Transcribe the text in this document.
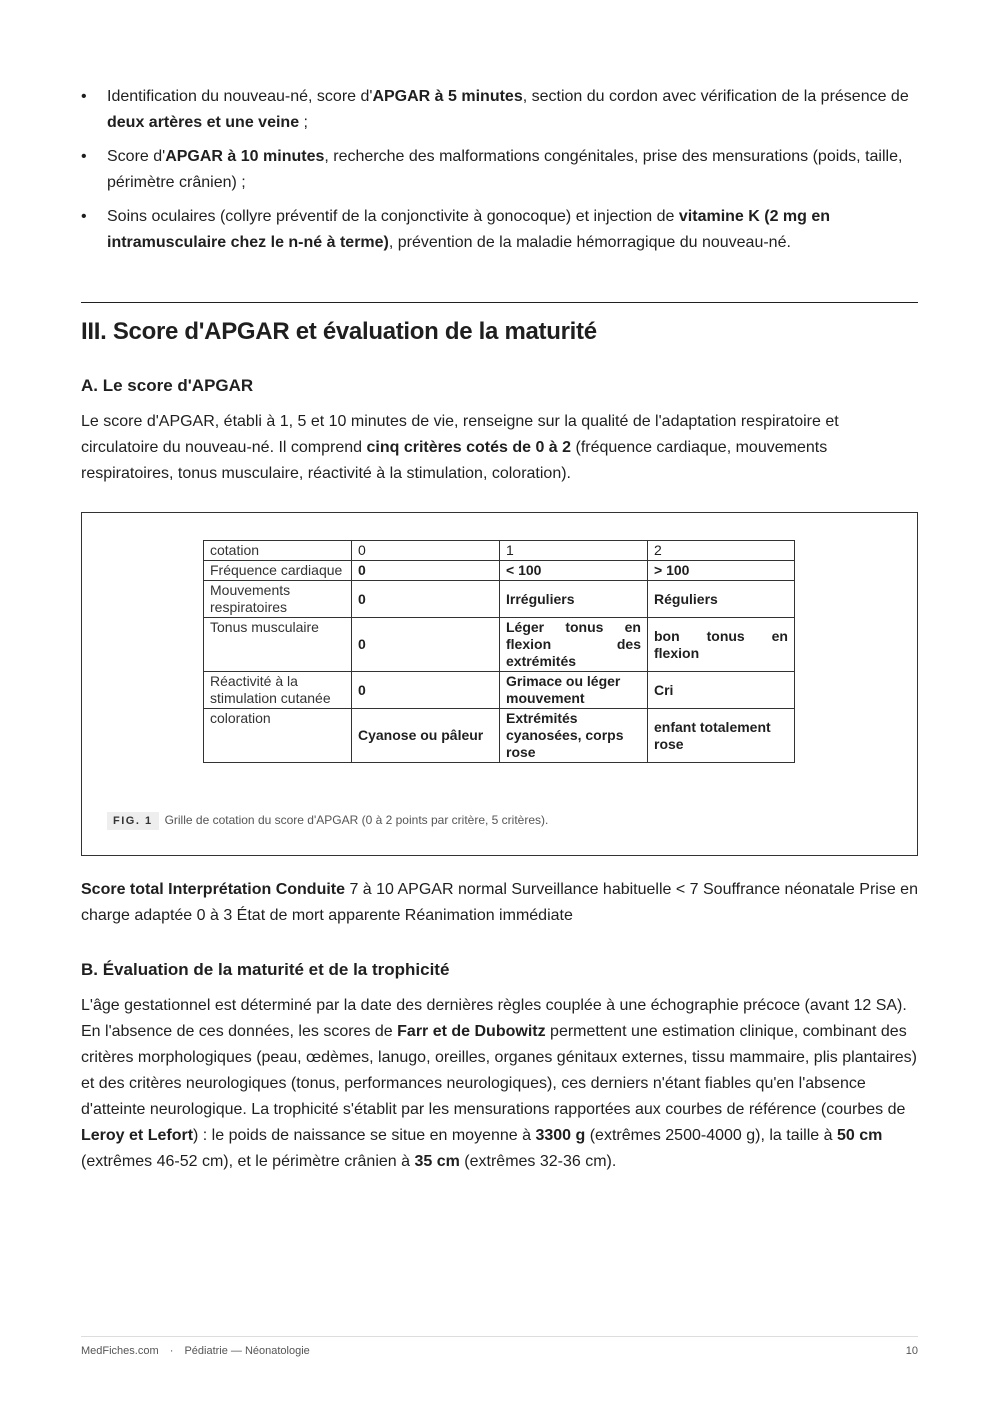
• Identification du nouveau-né, score d'APGAR à 5 minutes, section du cordon avec vérification de la présence de deux artères et une veine ;
• Score d'APGAR à 10 minutes, recherche des malformations congénitales, prise des mensurations (poids, taille, périmètre crânien) ;
• Soins oculaires (collyre préventif de la conjonctivite à gonocoque) et injection de vitamine K (2 mg en intramusculaire chez le n-né à terme), prévention de la maladie hémorragique du nouveau-né.
III. Score d'APGAR et évaluation de la maturité
A. Le score d'APGAR

Le score d'APGAR, établi à 1, 5 et 10 minutes de vie, renseigne sur la qualité de l'adaptation respiratoire et circulatoire du nouveau-né. Il comprend cinq critères cotés de 0 à 2 (fréquence cardiaque, mouvements respiratoires, tonus musculaire, réactivité à la stimulation, coloration).

cotation	0	1	2
Fréquence cardiaque	0	< 100	> 100
Mouvements respiratoires	0	Irréguliers	Réguliers
Tonus musculaire	0	Léger tonus en flexion des extrémités	bon tonus en flexion
Réactivité à la stimulation cutanée	0	Grimace ou léger mouvement	Cri
coloration	Cyanose ou pâleur	Extrémités cyanosées, corps rose	enfant totalement rose
FIG. 1 Grille de cotation du score d'APGAR (0 à 2 points par critère, 5 critères).

Score total Interprétation Conduite 7 à 10 APGAR normal Surveillance habituelle < 7 Souffrance néonatale Prise en charge adaptée 0 à 3 État de mort apparente Réanimation immédiate

B. Évaluation de la maturité et de la trophicité

L'âge gestationnel est déterminé par la date des dernières règles couplée à une échographie précoce (avant 12 SA). En l'absence de ces données, les scores de Farr et de Dubowitz permettent une estimation clinique, combinant des critères morphologiques (peau, œdèmes, lanugo, oreilles, organes génitaux externes, tissu mammaire, plis plantaires) et des critères neurologiques (tonus, performances neurologiques), ces derniers n'étant fiables qu'en l'absence d'atteinte neurologique. La trophicité s'établit par les mensurations rapportées aux courbes de référence (courbes de Leroy et Lefort) : le poids de naissance se situe en moyenne à 3300 g (extrêmes 2500-4000 g), la taille à 50 cm (extrêmes 46-52 cm), et le périmètre crânien à 35 cm (extrêmes 32-36 cm).

MedFiches.com · Pédiatrie — Néonatologie	10
